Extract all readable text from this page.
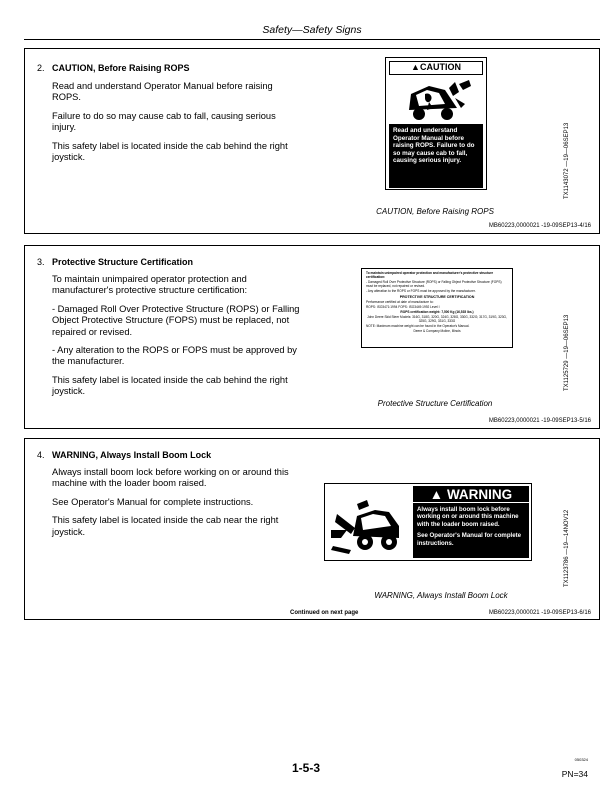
Safety—Safety Signs
2. CAUTION, Before Raising ROPS

Read and understand Operator Manual before raising ROPS.

Failure to do so may cause cab to fall, causing serious injury.

This safety label is located inside the cab behind the right joystick.

▲CAUTION
Read and understand Operator Manual before raising ROPS. Failure to do so may cause cab to fall, causing serious injury.	TX1143072 —19—06SEP13
CAUTION, Before Raising ROPS
MB60223,0000021 -19-09SEP13-4/16
3. Protective Structure Certification

To maintain unimpaired operator protection and manufacturer's protective structure certification:

- Damaged Roll Over Protective Structure (ROPS) or Falling Object Protective Structure (FOPS) must be replaced, not repaired or revised.

- Any alteration to the ROPS or FOPS must be approved by the manufacturer.

This safety label is located inside the cab behind the right joystick.

To maintain unimpaired operator protection and manufacturer's protective structure certification:
- Damaged Roll Over Protective Structure (ROPS) or Falling Object Protective Structure (FOPS) must be replaced, not repaired or revised.
- Any alteration to the ROPS or FOPS must be approved by the manufacturer.
PROTECTIVE STRUCTURE CERTIFICATION
Performance certified at date of manufacture to:
ROPS: ISO3471:1994 FOPS: ISO3449:1992 Level I
ROPS certification weight: 7,500 Kg (16,535 lbs.)
John Deere Skid Steer Models: 316G, 318G, 320G, 324G, 328G, 330G, 332G; 317G, 319G, 323G, 325G, 329G, 331G, 333G
NOTE: Maximum machine weight can be found in the Operator's Manual.
Deere & Company Moline, Illinois	TX1125729 —19—06SEP13
Protective Structure Certification
MB60223,0000021 -19-09SEP13-5/16
4. WARNING, Always Install Boom Lock

Always install boom lock before working on or around this machine with the loader boom raised.

See Operator's Manual for complete instructions.

This safety label is located inside the cab near the right joystick.

▲ WARNING

Always install boom lock before working on or around this machine with the loader boom raised.

See Operator's Manual for complete instructions.	TX1123786 —19—14NOV12
WARNING, Always Install Boom Lock
Continued on next page	MB60223,0000021 -19-09SEP13-6/16
1-5-3
050324
PN=34
